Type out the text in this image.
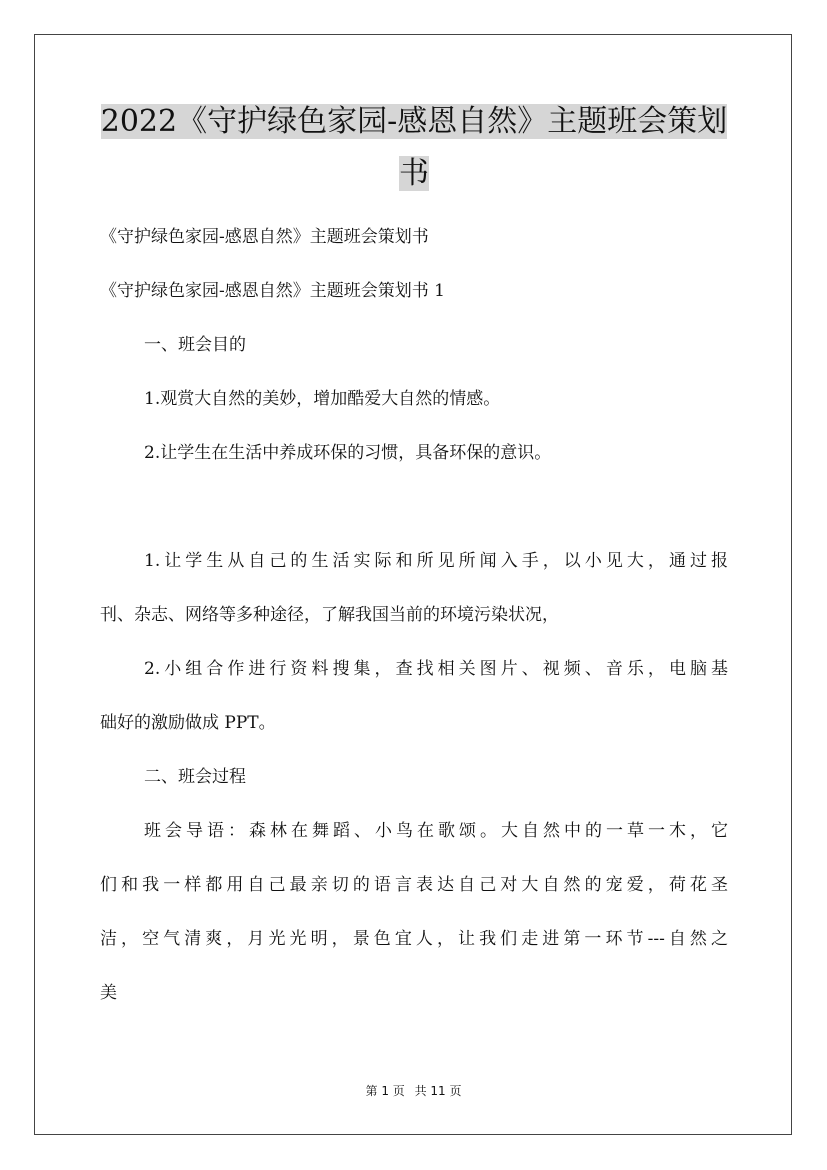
2022《守护绿色家园-感恩自然》主题班会策划
书

《守护绿色家园-感恩自然》主题班会策划书

《守护绿色家园-感恩自然》主题班会策划书 1

一、班会目的

1.观赏大自然的美妙，增加酷爱大自然的情感。

2.让学生在生活中养成环保的习惯，具备环保的意识。

1.让学生从自己的生活实际和所见所闻入手，以小见大，通过报

刊、杂志、网络等多种途径，了解我国当前的环境污染状况，

2.小组合作进行资料搜集，查找相关图片、视频、音乐，电脑基

础好的激励做成 PPT。

二、班会过程

班会导语：森林在舞蹈、小鸟在歌颂。大自然中的一草一木，它

们和我一样都用自己最亲切的语言表达自己对大自然的宠爱，荷花圣

洁，空气清爽，月光光明，景色宜人，让我们走进第一环节---自然之

美

第 1 页 共 11 页
